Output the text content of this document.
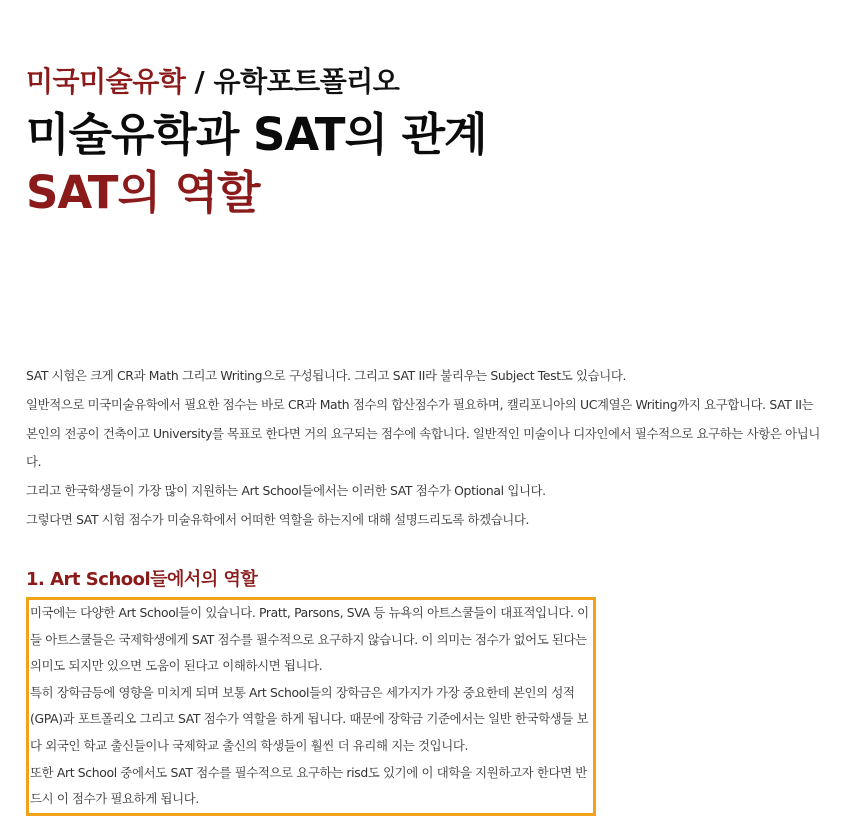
미국미술유학 / 유학포트폴리오
미술유학과 SAT의 관계
SAT의 역할

SAT 시험은 크게 CR과 Math 그리고 Writing으로 구성됩니다. 그리고 SAT II라 불리우는 Subject Test도 있습니다.

일반적으로 미국미술유학에서 필요한 점수는 바로 CR과 Math 점수의 합산점수가 필요하며, 캘리포니아의 UC계열은 Writing까지 요구합니다. SAT II는 본인의 전공이 건축이고 University를 목표로 한다면 거의 요구되는 점수에 속합니다. 일반적인 미술이나 디자인에서 필수적으로 요구하는 사항은 아닙니다.

그리고 한국학생들이 가장 많이 지원하는 Art School들에서는 이러한 SAT 점수가 Optional 입니다.

그렇다면 SAT 시험 점수가 미술유학에서 어떠한 역할을 하는지에 대해 설명드리도록 하겠습니다.

1. Art School들에서의 역할

미국에는 다양한 Art School들이 있습니다. Pratt, Parsons, SVA 등 뉴욕의 아트스쿨들이 대표적입니다. 이들 아트스쿨들은 국제학생에게 SAT 점수를 필수적으로 요구하지 않습니다. 이 의미는 점수가 없어도 된다는 의미도 되지만 있으면 도움이 된다고 이해하시면 됩니다.

특히 장학금등에 영향을 미치게 되며 보통 Art School들의 장학금은 세가지가 가장 중요한데 본인의 성적(GPA)과 포트폴리오 그리고 SAT 점수가 역할을 하게 됩니다. 때문에 장학금 기준에서는 일반 한국학생들 보다 외국인 학교 출신들이나 국제학교 출신의 학생들이 훨씬 더 유리해 지는 것입니다.

또한 Art School 중에서도 SAT 점수를 필수적으로 요구하는 risd도 있기에 이 대학을 지원하고자 한다면 반드시 이 점수가 필요하게 됩니다.
